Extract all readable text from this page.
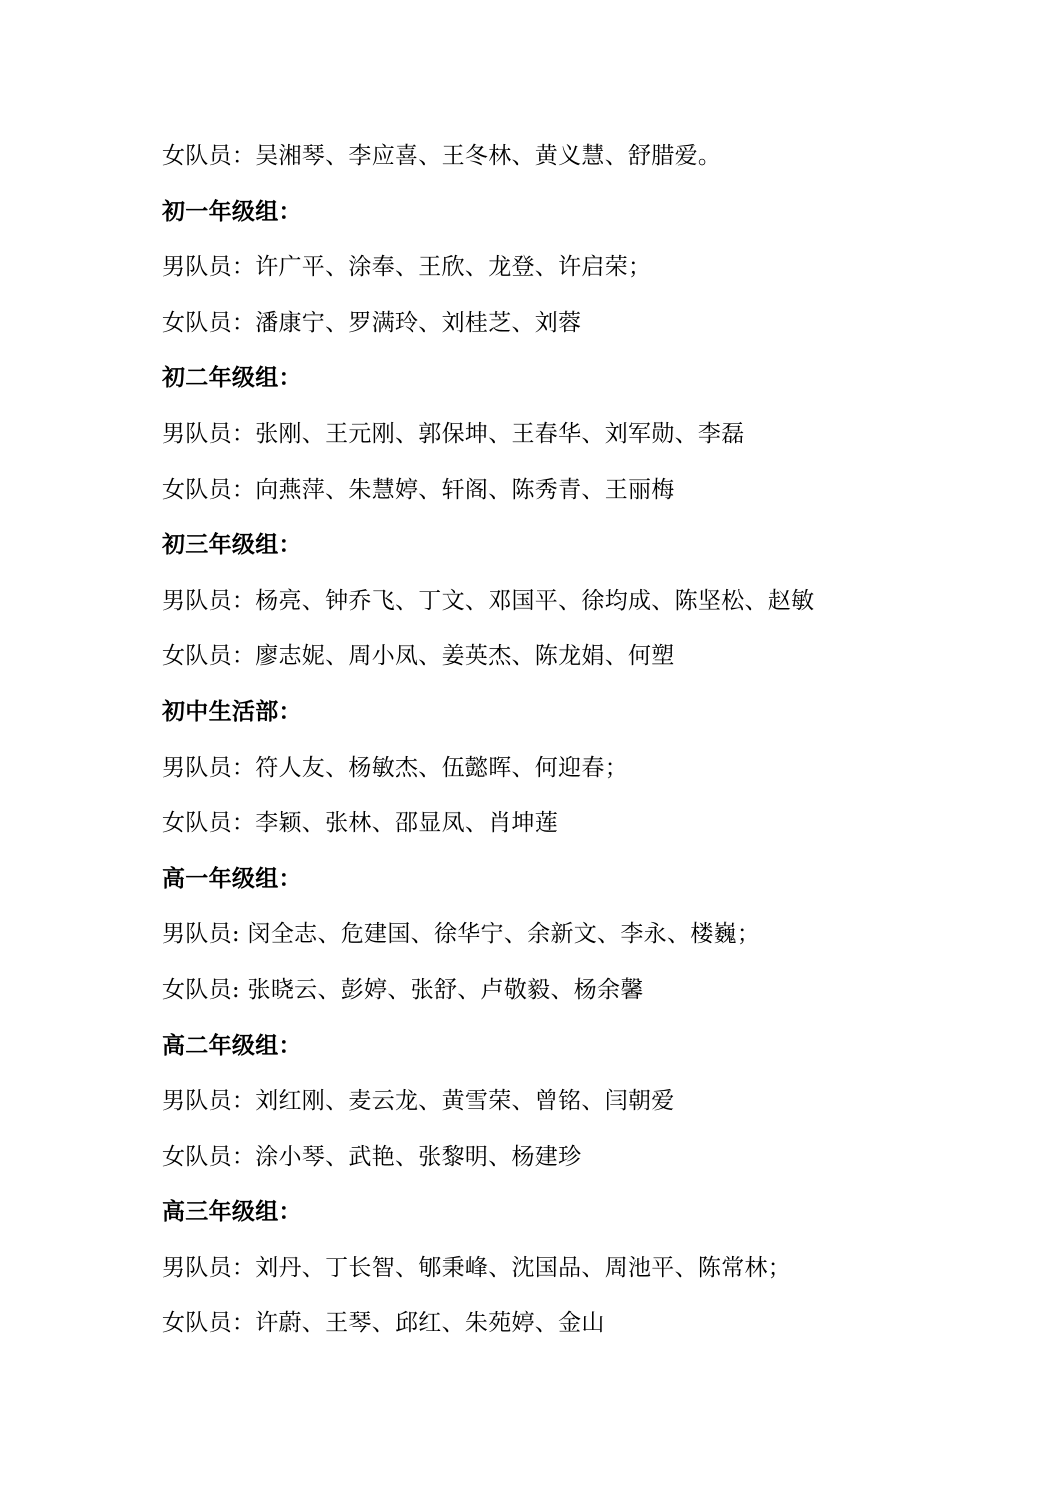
女队员：吴湘琴、李应喜、王冬林、黄义慧、舒腊爱。
初一年级组：
男队员：许广平、涂奉、王欣、龙登、许启荣；
女队员：潘康宁、罗满玲、刘桂芝、刘蓉
初二年级组：
男队员：张刚、王元刚、郭保坤、王春华、刘军勋、李磊
女队员：向燕萍、朱慧婷、轩阁、陈秀青、王丽梅
初三年级组：
男队员：杨亮、钟乔飞、丁文、邓国平、徐均成、陈坚松、赵敏
女队员：廖志妮、周小凤、姜英杰、陈龙娟、何塑
初中生活部：
男队员：符人友、杨敏杰、伍懿晖、何迎春；
女队员：李颖、张林、邵显凤、肖坤莲
高一年级组：
男队员: 闵全志、危建国、徐华宁、余新文、李永、楼巍；
女队员: 张晓云、彭婷、张舒、卢敬毅、杨余馨
高二年级组：
男队员：刘红刚、麦云龙、黄雪荣、曾铭、闫朝爱
女队员：涂小琴、武艳、张黎明、杨建珍
高三年级组：
男队员：刘丹、丁长智、郇秉峰、沈国品、周池平、陈常林；
女队员：许蔚、王琴、邱红、朱苑婷、金山
